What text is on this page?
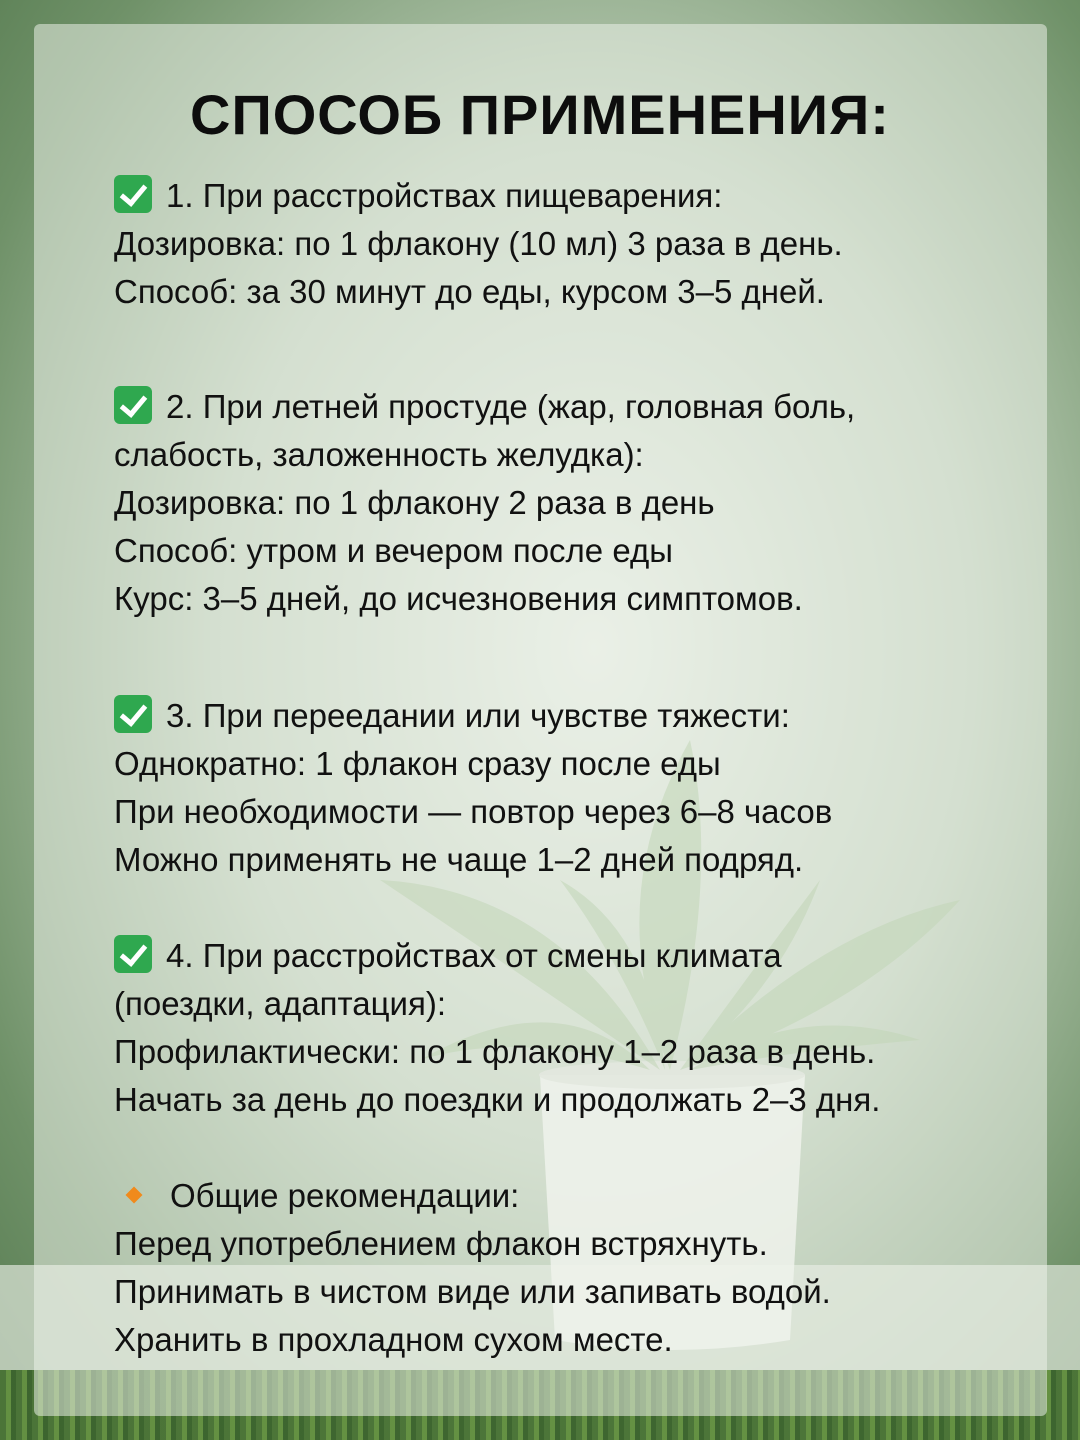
СПОСОБ ПРИМЕНЕНИЯ:
1. При расстройствах пищеварения:
Дозировка: по 1 флакону (10 мл) 3 раза в день.
Способ: за 30 минут до еды, курсом 3–5 дней.
2. При летней простуде (жар, головная боль,
слабость, заложенность желудка):
Дозировка: по 1 флакону 2 раза в день
Способ: утром и вечером после еды
Курс: 3–5 дней, до исчезновения симптомов.
3. При переедании или чувстве тяжести:
Однократно: 1 флакон сразу после еды
При необходимости — повтор через 6–8 часов
Можно применять не чаще 1–2 дней подряд.
4. При расстройствах от смены климата
(поездки, адаптация):
Профилактически: по 1 флакону 1–2 раза в день.
Начать за день до поездки и продолжать 2–3 дня.
Общие рекомендации:
Перед употреблением флакон встряхнуть.
Принимать в чистом виде или запивать водой.
Хранить в прохладном сухом месте.
